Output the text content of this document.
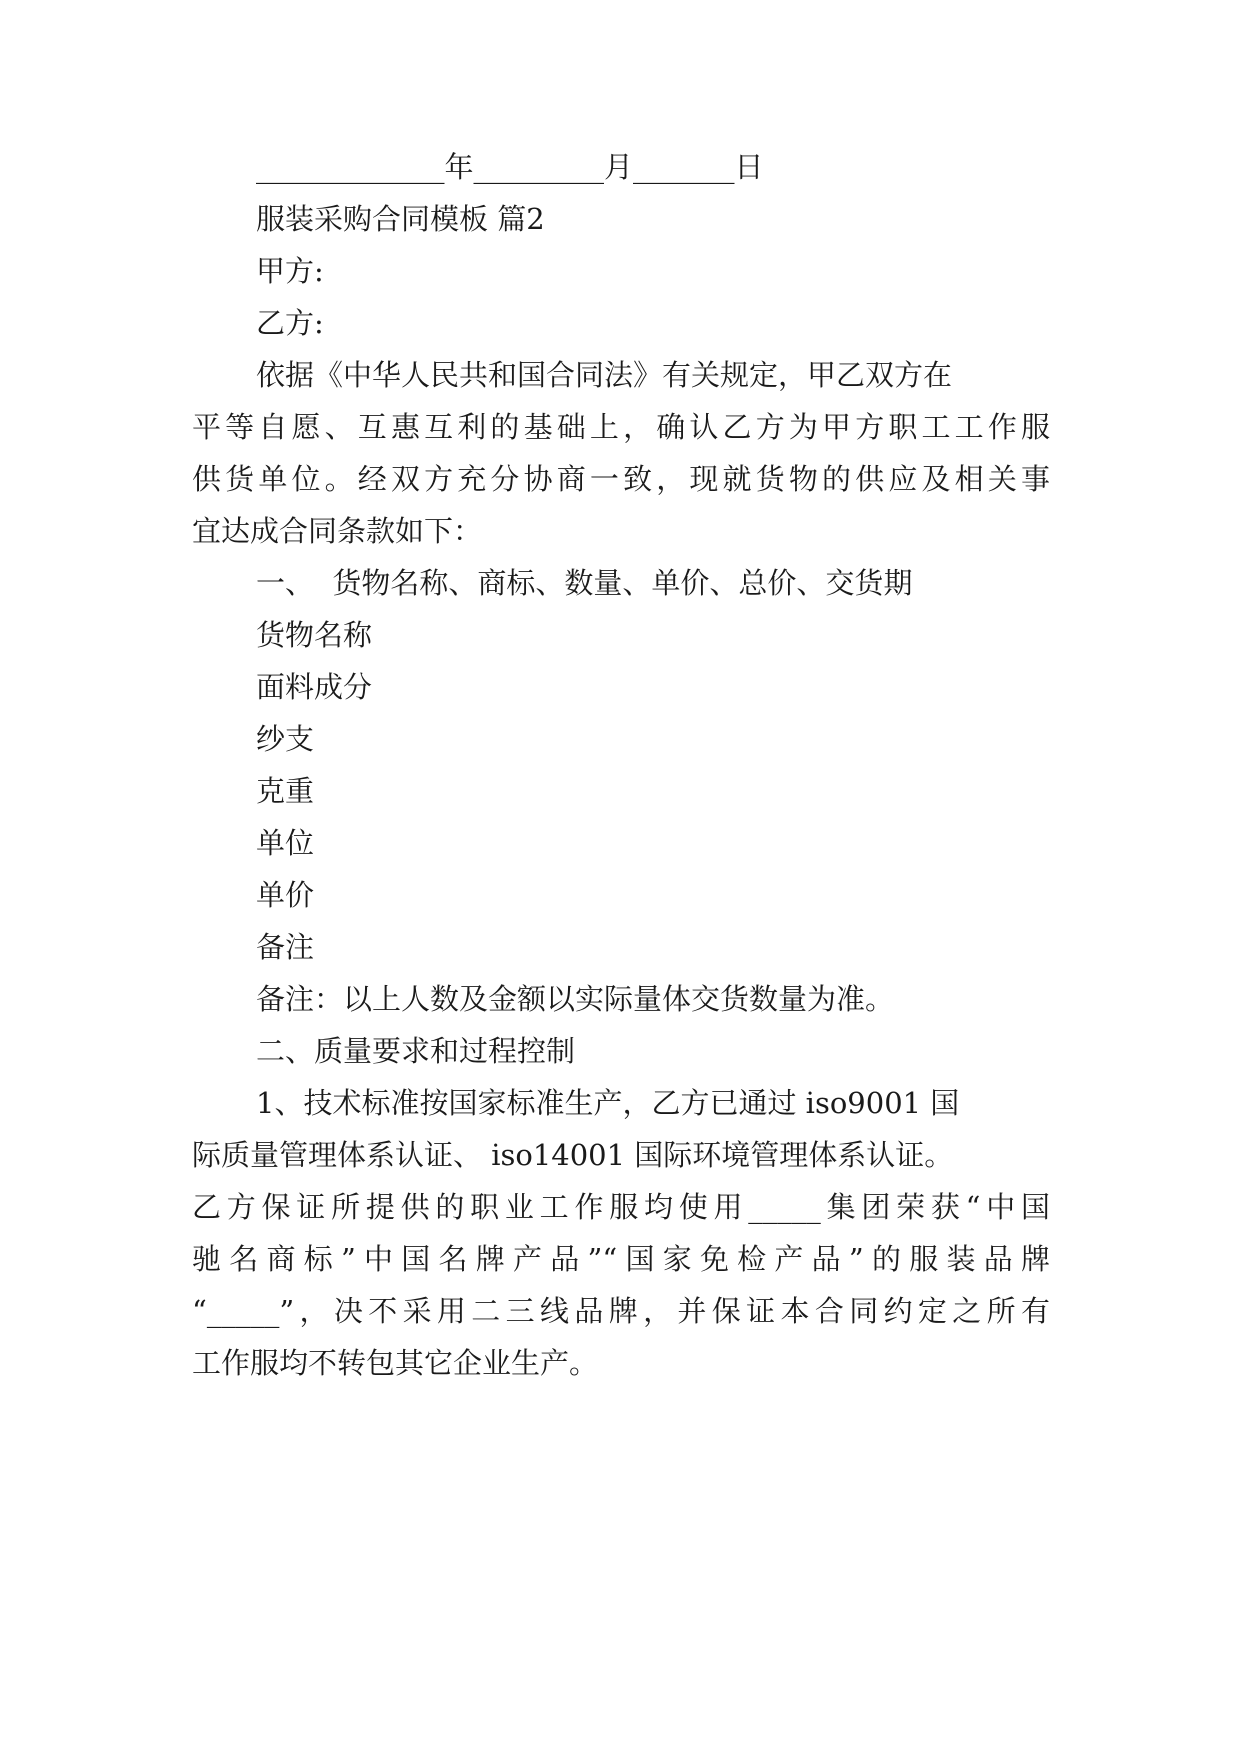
_____________年_________月_______日
服装采购合同模板 篇2
甲方:
乙方:
依据《中华人民共和国合同法》有关规定，甲乙双方在
平等自愿、互惠互利的基础上，确认乙方为甲方职工工作服
供货单位。经双方充分协商一致，现就货物的供应及相关事
宜达成合同条款如下：
一、  货物名称、商标、数量、单价、总价、交货期
货物名称
面料成分
纱支
克重
单位
单价
备注
备注：以上人数及金额以实际量体交货数量为准。
二、质量要求和过程控制
1、技术标准按国家标准生产，乙方已通过 iso9001 国
际质量管理体系认证、 iso14001 国际环境管理体系认证。
乙方保证所提供的职业工作服均使用_____集团荣获“中国
驰名商标”中国名牌产品”“国家免检产品”的服装品牌
“_____”，决不采用二三线品牌，并保证本合同约定之所有
工作服均不转包其它企业生产。
